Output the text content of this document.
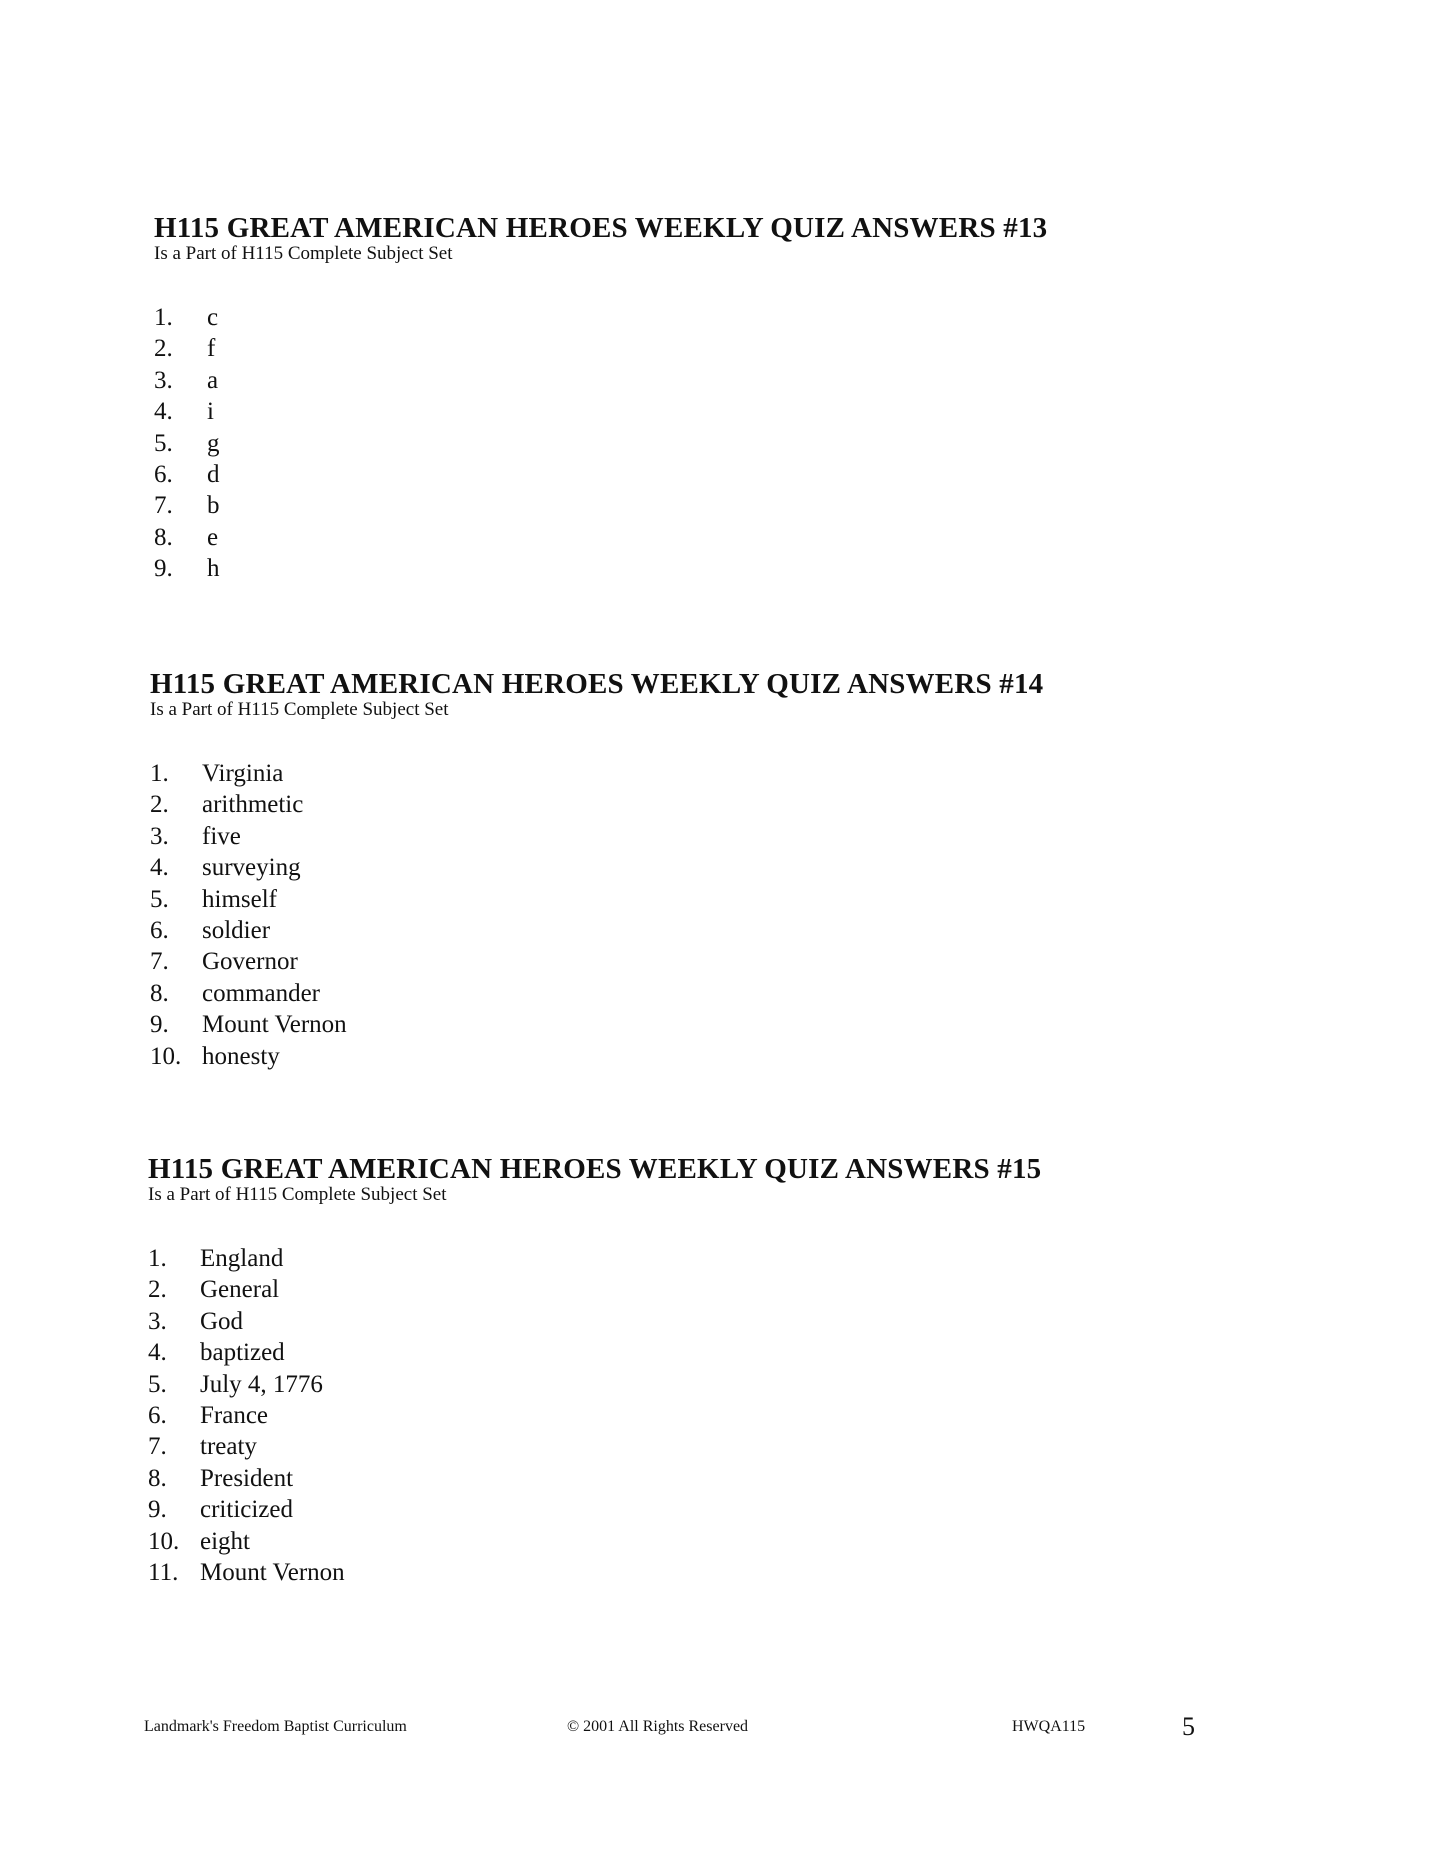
H115 GREAT AMERICAN HEROES WEEKLY QUIZ ANSWERS #13
Is a Part of H115 Complete Subject Set
1.	c
2.	f
3.	a
4.	i
5.	g
6.	d
7.	b
8.	e
9.	h
H115 GREAT AMERICAN HEROES WEEKLY QUIZ ANSWERS #14
Is a Part of H115 Complete Subject Set
1.	Virginia
2.	arithmetic
3.	five
4.	surveying
5.	himself
6.	soldier
7.	Governor
8.	commander
9.	Mount Vernon
10. honesty
H115 GREAT AMERICAN HEROES WEEKLY QUIZ ANSWERS #15
Is a Part of H115 Complete Subject Set
1.	England
2.	General
3.	God
4.	baptized
5.	July 4, 1776
6.	France
7.	treaty
8.	President
9.	criticized
10. eight
11. Mount Vernon
Landmark's Freedom Baptist Curriculum	© 2001 All Rights Reserved	HWQA115	5
